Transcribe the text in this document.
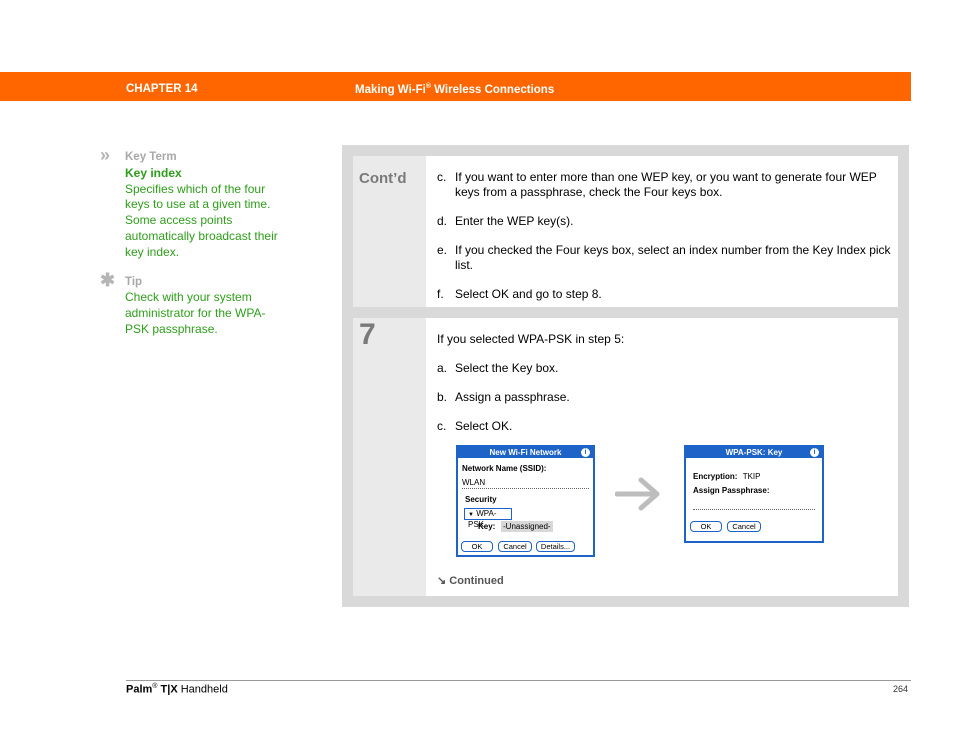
CHAPTER 14	Making Wi-Fi® Wireless Connections
» Key Term
Key index
Specifies which of the four keys to use at a given time. Some access points automatically broadcast their key index.
✱ Tip
Check with your system administrator for the WPA-PSK passphrase.
Cont’d	c. If you want to enter more than one WEP key, or you want to generate four WEP keys from a passphrase, check the Four keys box.
d. Enter the WEP key(s).
e. If you checked the Four keys box, select an index number from the Key Index pick list.
f. Select OK and go to step 8.
7	If you selected WPA-PSK in step 5:
a. Select the Key box.
b. Assign a passphrase.
c. Select OK.
New Wi-Fi Network	i
Network Name (SSID):
WLAN
Security
▼ WPA-PSK
Key: -Unassigned-
OK	Cancel	Details...
WPA-PSK: Key	i
Encryption: TKIP
Assign Passphrase:
OK	Cancel
↘ Continued
Palm® T|X Handheld	264
